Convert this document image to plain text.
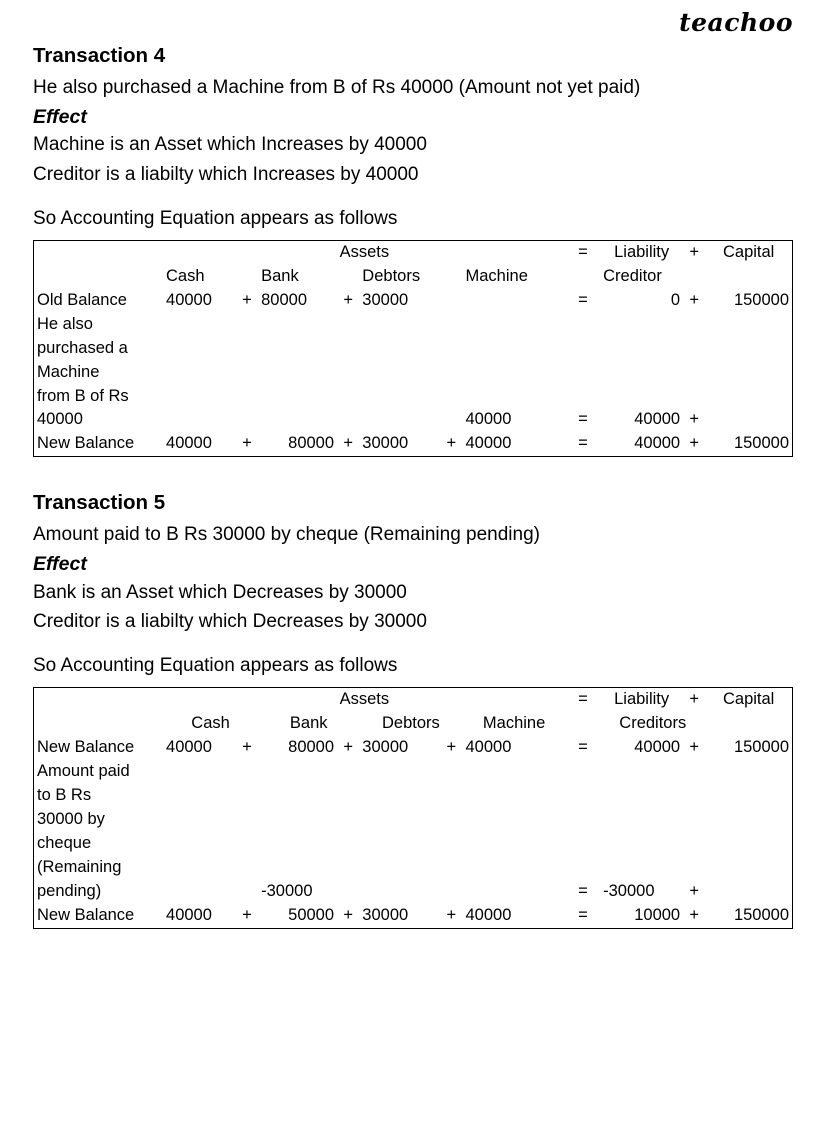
teachoo
Transaction 4

He also purchased a Machine from B of Rs 40000 (Amount not yet paid)

Effect

Machine is an Asset which Increases by 40000

Creditor is a liabilty which Increases by 40000

So Accounting Equation appears as follows

	Assets								=	Liability	+	Capital
	Cash		Bank		Debtors		Machine			Creditor		
Old Balance	40000	+	80000	+	30000				=	0	+	150000
He also												
purchased a												
Machine												
from B of Rs												
40000							40000		=	40000	+	
New Balance	40000	+	80000	+	30000	+	40000		=	40000	+	150000
Transaction 5

Amount paid to B Rs 30000 by cheque (Remaining pending)

Effect

Bank is an Asset which Decreases by 30000

Creditor is a liabilty which Decreases by 30000

So Accounting Equation appears as follows

	Assets								=	Liability	+	Capital
	Cash		Bank		Debtors		Machine			Creditors		
New Balance	40000	+	80000	+	30000	+	40000		=	40000	+	150000
Amount paid												
to B Rs												
30000 by												
cheque												
(Remaining												
pending)			-30000						=	-30000	+	
New Balance	40000	+	50000	+	30000	+	40000		=	10000	+	150000
